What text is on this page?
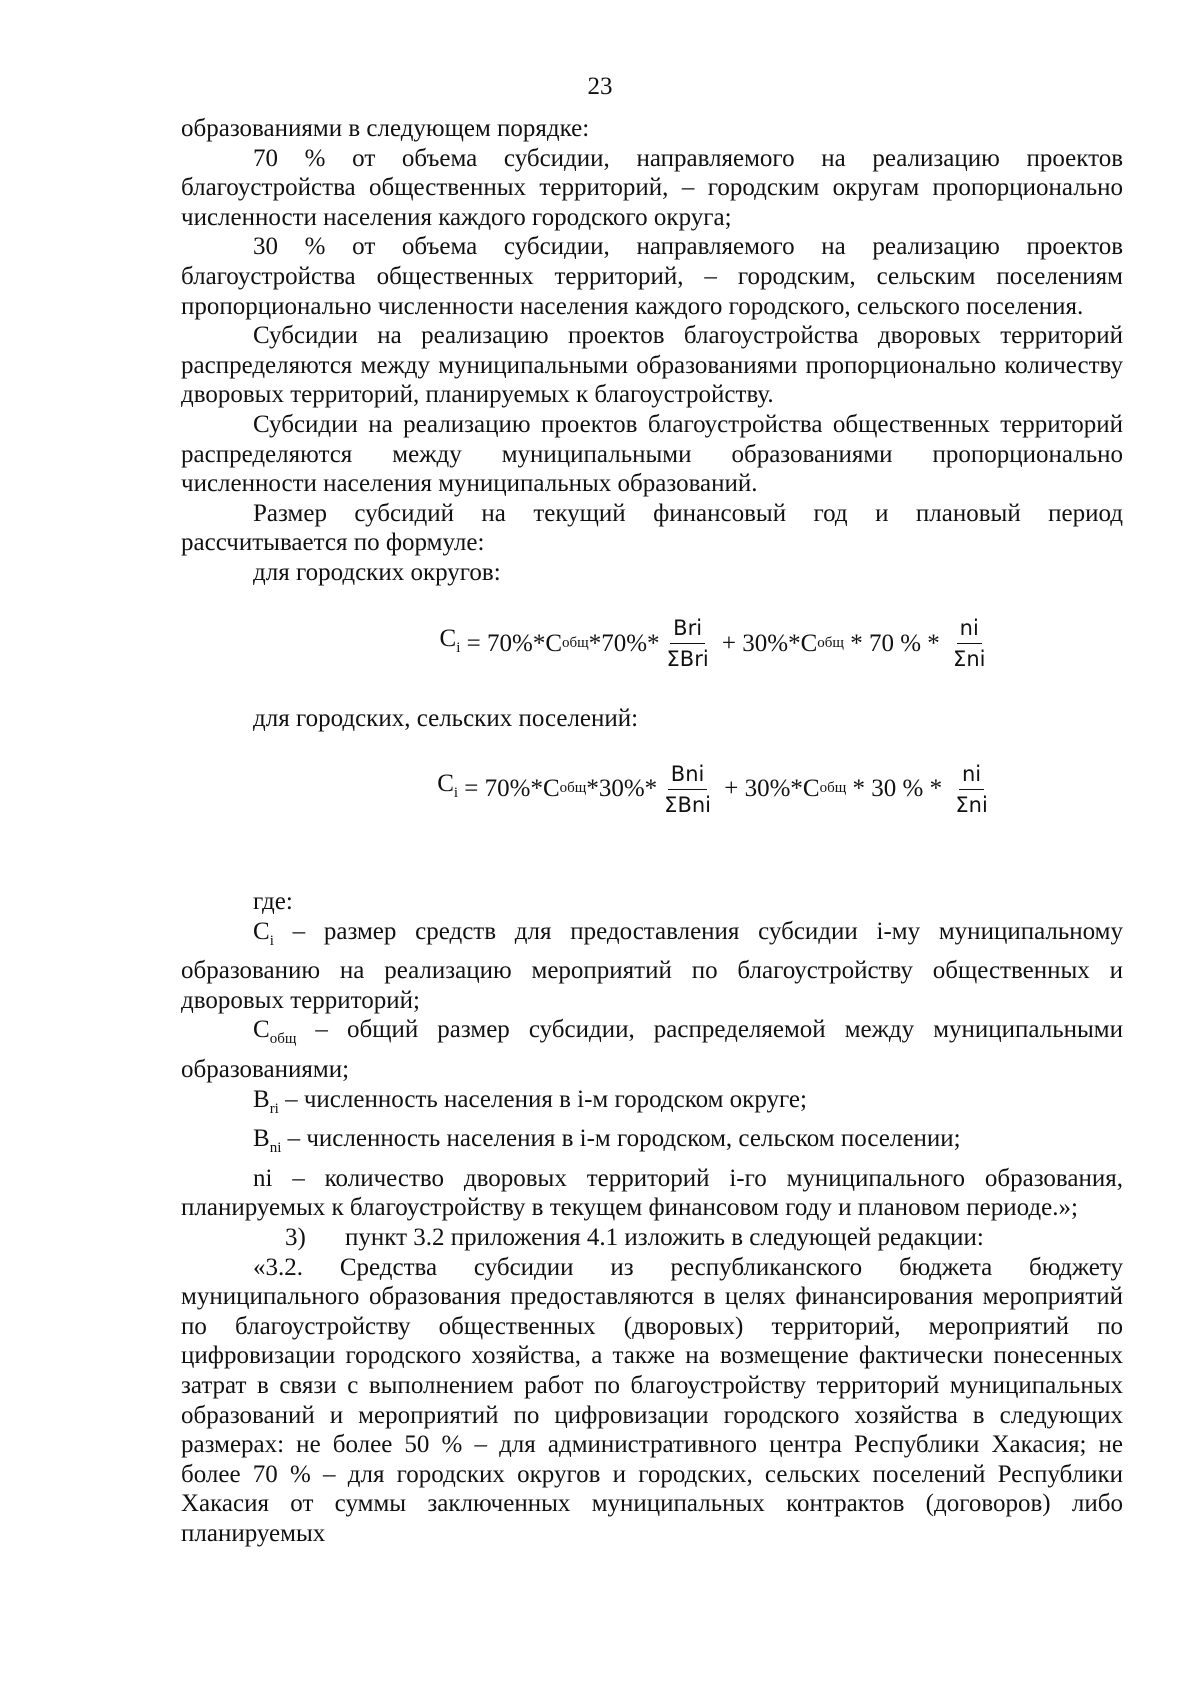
23

образованиями в следующем порядке:

70 % от объема субсидии, направляемого на реализацию проектов благоустройства общественных территорий, – городским округам пропорционально численности населения каждого городского округа;

30 % от объема субсидии, направляемого на реализацию проектов благоустройства общественных территорий, – городским, сельским поселениям пропорционально численности населения каждого городского, сельского поселения.

Субсидии на реализацию проектов благоустройства дворовых территорий распределяются между муниципальными образованиями пропорционально количеству дворовых территорий, планируемых к благоустройству.

Субсидии на реализацию проектов благоустройства общественных территорий распределяются между муниципальными образованиями пропорционально численности населения муниципальных образований.

Размер субсидий на текущий финансовый год и плановый период рассчитывается по формуле:

для городских округов:

$C_i = 70\%*C$ общ $*70\%* \frac{\text{Bri}}{\text{ΣBri}} + 30\%*C$ общ * 70 % * $\frac{ni}{\text{Σni}}$

для городских, сельских поселений:

$C_i = 70\%*C$ общ $*30\%* \frac{\text{Bni}}{\text{ΣBni}} + 30\%*C$ общ * 30 % * $\frac{ni}{\text{Σni}}$

где:

$C_i$ – размер средств для предоставления субсидии i-му муниципальному образованию на реализацию мероприятий по благоустройству общественных и дворовых территорий;

$C_{общ}$ – общий размер субсидии, распределяемой между муниципальными образованиями;

$B_{ri}$ – численность населения в i-м городском округе;

$B_{ni}$ – численность населения в i-м городском, сельском поселении;

ni – количество дворовых территорий i-го муниципального образования, планируемых к благоустройству в текущем финансовом году и плановом периоде.»;

3) пункт 3.2 приложения 4.1 изложить в следующей редакции:

«3.2. Средства субсидии из республиканского бюджета бюджету муниципального образования предоставляются в целях финансирования мероприятий по благоустройству общественных (дворовых) территорий, мероприятий по цифровизации городского хозяйства, а также на возмещение фактически понесенных затрат в связи с выполнением работ по благоустройству территорий муниципальных образований и мероприятий по цифровизации городского хозяйства в следующих размерах: не более 50 % – для административного центра Республики Хакасия; не более 70 % – для городских округов и городских, сельских поселений Республики Хакасия от суммы заключенных муниципальных контрактов (договоров) либо планируемых
